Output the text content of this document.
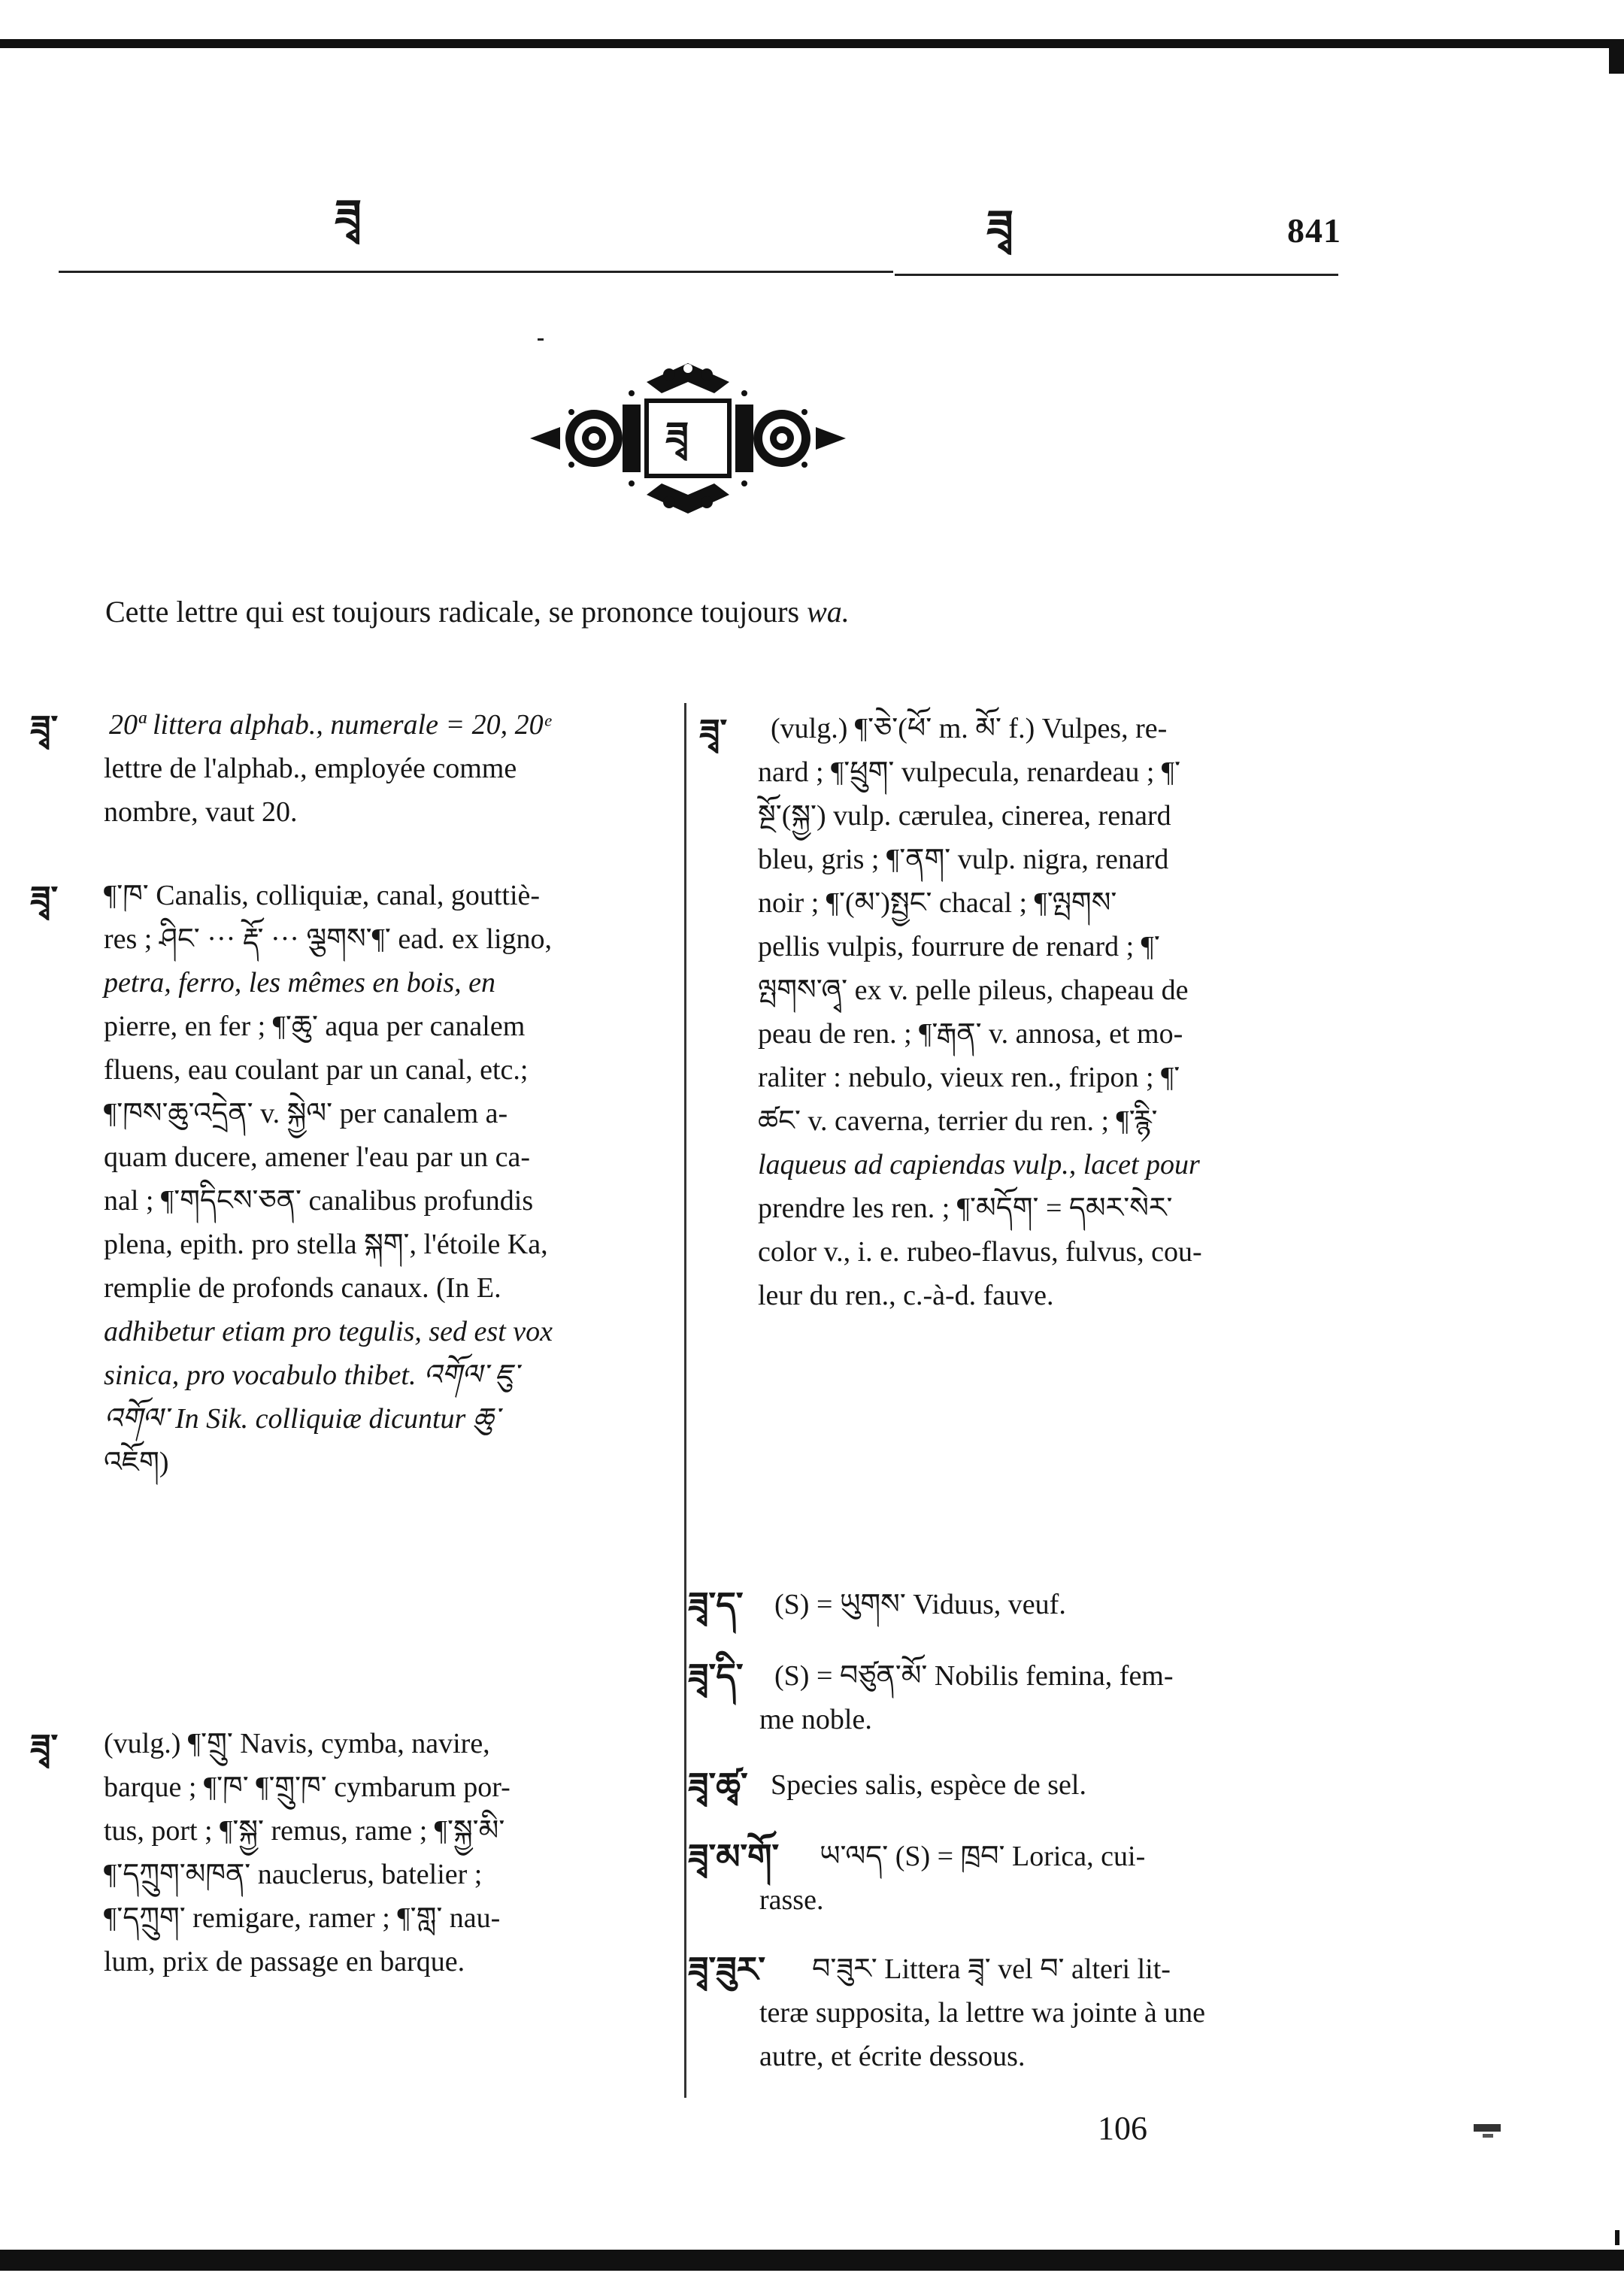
ཟྭ	ཟྭ	841
ཟྭ
Cette lettre qui est toujours radicale, se prononce toujours wa.
ཟྭ་ 20ª littera alphab., numerale = 20, 20ᵉ

lettre de l'alphab., employée comme

nombre, vaut 20.

ཟྭ་ ¶་ཁ་ Canalis, colliquiæ, canal, gouttiè-

res ; ཤིང་ ··· རྡོ་ ··· ལྕགས་¶་ ead. ex ligno,

petra, ferro, les mêmes en bois, en

pierre, en fer ; ¶་ཆུ་ aqua per canalem

fluens, eau coulant par un canal, etc.;

¶་ཁས་ཆུ་འདྲེན་ v. སྐྱེལ་ per canalem a-

quam ducere, amener l'eau par un ca-

nal ; ¶་གདིངས་ཅན་ canalibus profundis

plena, epith. pro stella སྐག་, l'étoile Ka,

remplie de profonds canaux. (In E.

adhibetur etiam pro tegulis, sed est vox

sinica, pro vocabulo thibet. འགོལ་ ཇུ་

འགོལ་ In Sik. colliquiæ dicuntur ཆུ་

འཇོག)

ཟྭ་ (vulg.) ¶་གྲུ་ Navis, cymba, navire,

barque ; ¶་ཁ་ ¶་གྲུ་ཁ་ cymbarum por-

tus, port ; ¶་སྐྱ་ remus, rame ; ¶་སྐྱ་མི་

¶་དཀྲུག་མཁན་ nauclerus, batelier ;

¶་དཀྲུག་ remigare, ramer ; ¶་གླ་ nau-

lum, prix de passage en barque.

ཟྭ་ (vulg.) ¶་ཅེ་(ཕོ་ m. མོ་ f.) Vulpes, re-

nard ; ¶་ཕྲུག་ vulpecula, renardeau ; ¶་

སྔོ་(སྐྱ་) vulp. cærulea, cinerea, renard

bleu, gris ; ¶་ནག་ vulp. nigra, renard

noir ; ¶་(མ་)སྤྱང་ chacal ; ¶་ལྤགས་

pellis vulpis, fourrure de renard ; ¶་

ལྤགས་ཞྭ་ ex v. pelle pileus, chapeau de

peau de ren. ; ¶་རྒན་ v. annosa, et mo-

raliter : nebulo, vieux ren., fripon ; ¶་

ཚང་ v. caverna, terrier du ren. ; ¶་རྙི་

laqueus ad capiendas vulp., lacet pour

prendre les ren. ; ¶་མདོག་ = དམར་སེར་

color v., i. e. rubeo-flavus, fulvus, cou-

leur du ren., c.-à-d. fauve.

ཟྭ་ད་ (S) = ཡུགས་ Viduus, veuf.

ཟྭ་དི་ (S) = བཙུན་མོ་ Nobilis femina, fem-

me noble.

ཟྭ་ཚྭ་ Species salis, espèce de sel.

ཟྭ་མ་གོ་ ཡ་ལད་ (S) = ཁྲབ་ Lorica, cui-

rasse.

ཟྭ་ཟུར་ བ་ཟུར་ Littera ཟྭ་ vel བ་ alteri lit-

teræ supposita, la lettre wa jointe à une

autre, et écrite dessous.

106
